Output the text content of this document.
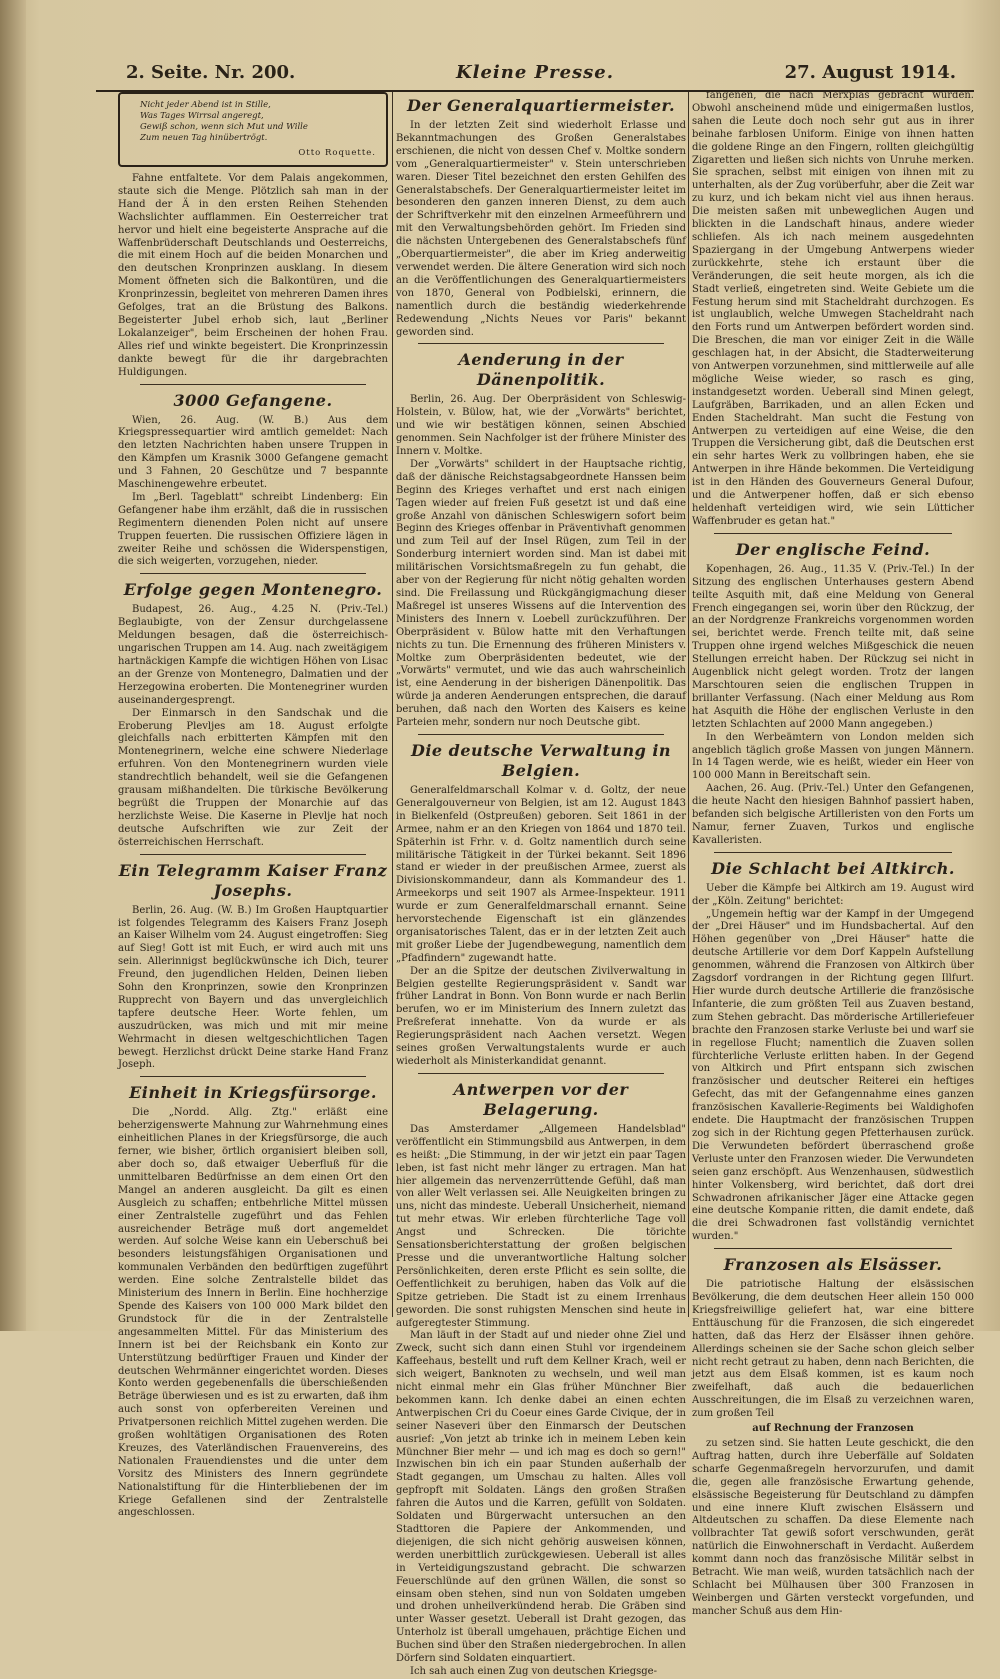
2. Seite. Nr. 200.	Kleine Presse.	27. August 1914.
Nicht jeder Abend ist in Stille,
Was Tages Wirrsal angeregt,
Gewiß schon, wenn sich Mut und Wille
Zum neuen Tag hinübertrögt.
Otto Roquette.

Fahne entfaltete. Vor dem Palais angekommen, staute sich die Menge. Plötzlich sah man in der Hand der Ä in den ersten Reihen Stehenden Wachslichter aufflammen. Ein Oesterreicher trat hervor und hielt eine begeisterte Ansprache auf die Waffenbrüderschaft Deutschlands und Oesterreichs, die mit einem Hoch auf die beiden Monarchen und den deutschen Kronprinzen ausklang. In diesem Moment öffneten sich die Balkontüren, und die Kronprinzessin, begleitet von mehreren Damen ihres Gefolges, trat an die Brüstung des Balkons. Begeisterter Jubel erhob sich, laut „Berliner Lokalanzeiger", beim Erscheinen der hohen Frau. Alles rief und winkte begeistert. Die Kronprinzessin dankte bewegt für die ihr dargebrachten Huldigungen.

3000 Gefangene.

Wien, 26. Aug. (W. B.) Aus dem Kriegspressequartier wird amtlich gemeldet: Nach den letzten Nachrichten haben unsere Truppen in den Kämpfen um Krasnik 3000 Gefangene gemacht und 3 Fahnen, 20 Geschütze und 7 bespannte Maschinengewehre erbeutet.

Im „Berl. Tageblatt" schreibt Lindenberg: Ein Gefangener habe ihm erzählt, daß die in russischen Regimentern dienenden Polen nicht auf unsere Truppen feuerten. Die russischen Offiziere lägen in zweiter Reihe und schössen die Widerspenstigen, die sich weigerten, vorzugehen, nieder.

Erfolge gegen Montenegro.

Budapest, 26. Aug., 4.25 N. (Priv.-Tel.) Beglaubigte, von der Zensur durchgelassene Meldungen besagen, daß die österreichisch-ungarischen Truppen am 14. Aug. nach zweitägigem hartnäckigen Kampfe die wichtigen Höhen von Lisac an der Grenze von Montenegro, Dalmatien und der Herzegowina eroberten. Die Montenegriner wurden auseinandergesprengt.

Der Einmarsch in den Sandschak und die Eroberung Plevljes am 18. August erfolgte gleichfalls nach erbitterten Kämpfen mit den Montenegrinern, welche eine schwere Niederlage erfuhren. Von den Montenegrinern wurden viele standrechtlich behandelt, weil sie die Gefangenen grausam mißhandelten. Die türkische Bevölkerung begrüßt die Truppen der Monarchie auf das herzlichste Weise. Die Kaserne in Plevlje hat noch deutsche Aufschriften wie zur Zeit der österreichischen Herrschaft.

Ein Telegramm Kaiser Franz Josephs.

Berlin, 26. Aug. (W. B.) Im Großen Hauptquartier ist folgendes Telegramm des Kaisers Franz Joseph an Kaiser Wilhelm vom 24. August eingetroffen: Sieg auf Sieg! Gott ist mit Euch, er wird auch mit uns sein. Allerinnigst beglückwünsche ich Dich, teurer Freund, den jugendlichen Helden, Deinen lieben Sohn den Kronprinzen, sowie den Kronprinzen Rupprecht von Bayern und das unvergleichlich tapfere deutsche Heer. Worte fehlen, um auszudrücken, was mich und mit mir meine Wehrmacht in diesen weltgeschichtlichen Tagen bewegt. Herzlichst drückt Deine starke Hand Franz Joseph.

Einheit in Kriegsfürsorge.

Die „Nordd. Allg. Ztg." erläßt eine beherzigenswerte Mahnung zur Wahrnehmung eines einheitlichen Planes in der Kriegsfürsorge, die auch ferner, wie bisher, örtlich organisiert bleiben soll, aber doch so, daß etwaiger Ueberfluß für die unmittelbaren Bedürfnisse an dem einen Ort den Mangel an anderen ausgleicht. Da gilt es einen Ausgleich zu schaffen; entbehrliche Mittel müssen einer Zentralstelle zugeführt und das Fehlen ausreichender Beträge muß dort angemeldet werden. Auf solche Weise kann ein Ueberschuß bei besonders leistungsfähigen Organisationen und kommunalen Verbänden den bedürftigen zugeführt werden. Eine solche Zentralstelle bildet das Ministerium des Innern in Berlin. Eine hochherzige Spende des Kaisers von 100 000 Mark bildet den Grundstock für die in der Zentralstelle angesammelten Mittel. Für das Ministerium des Innern ist bei der Reichsbank ein Konto zur Unterstützung bedürftiger Frauen und Kinder der deutschen Wehrmänner eingerichtet worden. Dieses Konto werden gegebenenfalls die überschießenden Beträge überwiesen und es ist zu erwarten, daß ihm auch sonst von opferbereiten Vereinen und Privatpersonen reichlich Mittel zugehen werden. Die großen wohltätigen Organisationen des Roten Kreuzes, des Vaterländischen Frauenvereins, des Nationalen Frauendienstes und die unter dem Vorsitz des Ministers des Innern gegründete Nationalstiftung für die Hinterbliebenen der im Kriege Gefallenen sind der Zentralstelle angeschlossen.

Der Generalquartiermeister.

In der letzten Zeit sind wiederholt Erlasse und Bekanntmachungen des Großen Generalstabes erschienen, die nicht von dessen Chef v. Moltke sondern vom „Generalquartiermeister" v. Stein unterschrieben waren. Dieser Titel bezeichnet den ersten Gehilfen des Generalstabschefs. Der Generalquartiermeister leitet im besonderen den ganzen inneren Dienst, zu dem auch der Schriftverkehr mit den einzelnen Armeeführern und mit den Verwaltungsbehörden gehört. Im Frieden sind die nächsten Untergebenen des Generalstabschefs fünf „Oberquartiermeister", die aber im Krieg anderweitig verwendet werden. Die ältere Generation wird sich noch an die Veröffentlichungen des Generalquartiermeisters von 1870, General von Podbielski, erinnern, die namentlich durch die beständig wiederkehrende Redewendung „Nichts Neues vor Paris" bekannt geworden sind.

Aenderung in der Dänenpolitik.

Berlin, 26. Aug. Der Oberpräsident von Schleswig-Holstein, v. Bülow, hat, wie der „Vorwärts" berichtet, und wie wir bestätigen können, seinen Abschied genommen. Sein Nachfolger ist der frühere Minister des Innern v. Moltke.

Der „Vorwärts" schildert in der Hauptsache richtig, daß der dänische Reichstagsabgeordnete Hanssen beim Beginn des Krieges verhaftet und erst nach einigen Tagen wieder auf freien Fuß gesetzt ist und daß eine große Anzahl von dänischen Schleswigern sofort beim Beginn des Krieges offenbar in Präventivhaft genommen und zum Teil auf der Insel Rügen, zum Teil in der Sonderburg interniert worden sind. Man ist dabei mit militärischen Vorsichtsmaßregeln zu fun gehabt, die aber von der Regierung für nicht nötig gehalten worden sind. Die Freilassung und Rückgängigmachung dieser Maßregel ist unseres Wissens auf die Intervention des Ministers des Innern v. Loebell zurückzuführen. Der Oberpräsident v. Bülow hatte mit den Verhaftungen nichts zu tun. Die Ernennung des früheren Ministers v. Moltke zum Oberpräsidenten bedeutet, wie der „Vorwärts" vermutet, und wie das auch wahrscheinlich ist, eine Aenderung in der bisherigen Dänenpolitik. Das würde ja anderen Aenderungen entsprechen, die darauf beruhen, daß nach den Worten des Kaisers es keine Parteien mehr, sondern nur noch Deutsche gibt.

Die deutsche Verwaltung in Belgien.

Generalfeldmarschall Kolmar v. d. Goltz, der neue Generalgouverneur von Belgien, ist am 12. August 1843 in Bielkenfeld (Ostpreußen) geboren. Seit 1861 in der Armee, nahm er an den Kriegen von 1864 und 1870 teil. Späterhin ist Frhr. v. d. Goltz namentlich durch seine militärische Tätigkeit in der Türkei bekannt. Seit 1896 stand er wieder in der preußischen Armee, zuerst als Divisionskommandeur, dann als Kommandeur des 1. Armeekorps und seit 1907 als Armee-Inspekteur. 1911 wurde er zum Generalfeldmarschall ernannt. Seine hervorstechende Eigenschaft ist ein glänzendes organisatorisches Talent, das er in der letzten Zeit auch mit großer Liebe der Jugendbewegung, namentlich dem „Pfadfindern" zugewandt hatte.

Der an die Spitze der deutschen Zivilverwaltung in Belgien gestellte Regierungspräsident v. Sandt war früher Landrat in Bonn. Von Bonn wurde er nach Berlin berufen, wo er im Ministerium des Innern zuletzt das Preßreferat innehatte. Von da wurde er als Regierungspräsident nach Aachen versetzt. Wegen seines großen Verwaltungstalents wurde er auch wiederholt als Ministerkandidat genannt.

Antwerpen vor der Belagerung.

Das Amsterdamer „Allgemeen Handelsblad" veröffentlicht ein Stimmungsbild aus Antwerpen, in dem es heißt: „Die Stimmung, in der wir jetzt ein paar Tagen leben, ist fast nicht mehr länger zu ertragen. Man hat hier allgemein das nervenzerrüttende Gefühl, daß man von aller Welt verlassen sei. Alle Neuigkeiten bringen zu uns, nicht das mindeste. Ueberall Unsicherheit, niemand tut mehr etwas. Wir erleben fürchterliche Tage voll Angst und Schrecken. Die törichte Sensationsberichterstattung der großen belgischen Presse und die unverantwortliche Haltung solcher Persönlichkeiten, deren erste Pflicht es sein sollte, die Oeffentlichkeit zu beruhigen, haben das Volk auf die Spitze getrieben. Die Stadt ist zu einem Irrenhaus geworden. Die sonst ruhigsten Menschen sind heute in aufgeregtester Stimmung.

Man läuft in der Stadt auf und nieder ohne Ziel und Zweck, sucht sich dann einen Stuhl vor irgendeinem Kaffeehaus, bestellt und ruft dem Kellner Krach, weil er sich weigert, Banknoten zu wechseln, und weil man nicht einmal mehr ein Glas früher Münchner Bier bekommen kann. Ich denke dabei an einen echten Antwerpischen Cri du Coeur eines Garde Civique, der in seiner Naseveri über den Einmarsch der Deutschen ausrief: „Von jetzt ab trinke ich in meinem Leben kein Münchner Bier mehr — und ich mag es doch so gern!" Inzwischen bin ich ein paar Stunden außerhalb der Stadt gegangen, um Umschau zu halten. Alles voll gepfropft mit Soldaten. Längs den großen Straßen fahren die Autos und die Karren, gefüllt von Soldaten. Soldaten und Bürgerwacht untersuchen an den Stadttoren die Papiere der Ankommenden, und diejenigen, die sich nicht gehörig ausweisen können, werden unerbittlich zurückgewiesen. Ueberall ist alles in Verteidigungszustand gebracht. Die schwarzen Feuerschlünde auf den grünen Wällen, die sonst so einsam oben stehen, sind nun von Soldaten umgeben und drohen unheilverkündend herab. Die Gräben sind unter Wasser gesetzt. Ueberall ist Draht gezogen, das Unterholz ist überall umgehauen, prächtige Eichen und Buchen sind über den Straßen niedergebrochen. In allen Dörfern sind Soldaten einquartiert.

Ich sah auch einen Zug von deutschen Kriegsge-

fangenen, die nach Merxplas gebracht wurden. Obwohl anscheinend müde und einigermaßen lustlos, sahen die Leute doch noch sehr gut aus in ihrer beinahe farblosen Uniform. Einige von ihnen hatten die goldene Ringe an den Fingern, rollten gleichgültig Zigaretten und ließen sich nichts von Unruhe merken. Sie sprachen, selbst mit einigen von ihnen mit zu unterhalten, als der Zug vorüberfuhr, aber die Zeit war zu kurz, und ich bekam nicht viel aus ihnen heraus. Die meisten saßen mit unbeweglichen Augen und blickten in die Landschaft hinaus, andere wieder schliefen. Als ich nach meinem ausgedehnten Spaziergang in der Umgebung Antwerpens wieder zurückkehrte, stehe ich erstaunt über die Veränderungen, die seit heute morgen, als ich die Stadt verließ, eingetreten sind. Weite Gebiete um die Festung herum sind mit Stacheldraht durchzogen. Es ist unglaublich, welche Umwegen Stacheldraht nach den Forts rund um Antwerpen befördert worden sind. Die Breschen, die man vor einiger Zeit in die Wälle geschlagen hat, in der Absicht, die Stadterweiterung von Antwerpen vorzunehmen, sind mittlerweile auf alle mögliche Weise wieder, so rasch es ging, instandgesetzt worden. Ueberall sind Minen gelegt, Laufgräben, Barrikaden, und an allen Ecken und Enden Stacheldraht. Man sucht die Festung von Antwerpen zu verteidigen auf eine Weise, die den Truppen die Versicherung gibt, daß die Deutschen erst ein sehr hartes Werk zu vollbringen haben, ehe sie Antwerpen in ihre Hände bekommen. Die Verteidigung ist in den Händen des Gouverneurs General Dufour, und die Antwerpener hoffen, daß er sich ebenso heldenhaft verteidigen wird, wie sein Lütticher Waffenbruder es getan hat."

Der englische Feind.

Kopenhagen, 26. Aug., 11.35 V. (Priv.-Tel.) In der Sitzung des englischen Unterhauses gestern Abend teilte Asquith mit, daß eine Meldung von General French eingegangen sei, worin über den Rückzug, der an der Nordgrenze Frankreichs vorgenommen worden sei, berichtet werde. French teilte mit, daß seine Truppen ohne irgend welches Mißgeschick die neuen Stellungen erreicht haben. Der Rückzug sei nicht in Augenblick nicht gelegt worden. Trotz der langen Marschtouren seien die englischen Truppen in brillanter Verfassung. (Nach einer Meldung aus Rom hat Asquith die Höhe der englischen Verluste in den letzten Schlachten auf 2000 Mann angegeben.)

In den Werbeämtern von London melden sich angeblich täglich große Massen von jungen Männern. In 14 Tagen werde, wie es heißt, wieder ein Heer von 100 000 Mann in Bereitschaft sein.

Aachen, 26. Aug. (Priv.-Tel.) Unter den Gefangenen, die heute Nacht den hiesigen Bahnhof passiert haben, befanden sich belgische Artilleristen von den Forts um Namur, ferner Zuaven, Turkos und englische Kavalleristen.

Die Schlacht bei Altkirch.

Ueber die Kämpfe bei Altkirch am 19. August wird der „Köln. Zeitung" berichtet:

„Ungemein heftig war der Kampf in der Umgegend der „Drei Häuser" und im Hundsbachertal. Auf den Höhen gegenüber von „Drei Häuser" hatte die deutsche Artillerie vor dem Dorf Kappeln Aufstellung genommen, während die Franzosen von Altkirch über Zagsdorf vordrangen in der Richtung gegen Illfurt. Hier wurde durch deutsche Artillerie die französische Infanterie, die zum größten Teil aus Zuaven bestand, zum Stehen gebracht. Das mörderische Artilleriefeuer brachte den Franzosen starke Verluste bei und warf sie in regellose Flucht; namentlich die Zuaven sollen fürchterliche Verluste erlitten haben. In der Gegend von Altkirch und Pfirt entspann sich zwischen französischer und deutscher Reiterei ein heftiges Gefecht, das mit der Gefangennahme eines ganzen französischen Kavallerie-Regiments bei Waldighofen endete. Die Hauptmacht der französischen Truppen zog sich in der Richtung gegen Pfetterhausen zurück. Die Verwundeten befördert überraschend große Verluste unter den Franzosen wieder. Die Verwundeten seien ganz erschöpft. Aus Wenzenhausen, südwestlich hinter Volkensberg, wird berichtet, daß dort drei Schwadronen afrikanischer Jäger eine Attacke gegen eine deutsche Kompanie ritten, die damit endete, daß die drei Schwadronen fast vollständig vernichtet wurden."

Franzosen als Elsässer.

Die patriotische Haltung der elsässischen Bevölkerung, die dem deutschen Heer allein 150 000 Kriegsfreiwillige geliefert hat, war eine bittere Enttäuschung für die Franzosen, die sich eingeredet hatten, daß das Herz der Elsässer ihnen gehöre. Allerdings scheinen sie der Sache schon gleich selber nicht recht getraut zu haben, denn nach Berichten, die jetzt aus dem Elsaß kommen, ist es kaum noch zweifelhaft, daß auch die bedauerlichen Ausschreitungen, die im Elsaß zu verzeichnen waren, zum großen Teil

auf Rechnung der Franzosen

zu setzen sind. Sie hatten Leute geschickt, die den Auftrag hatten, durch ihre Ueberfälle auf Soldaten scharfe Gegenmaßregeln hervorzurufen, und damit die, gegen alle französische Erwartung gehende, elsässische Begeisterung für Deutschland zu dämpfen und eine innere Kluft zwischen Elsässern und Altdeutschen zu schaffen. Da diese Elemente nach vollbrachter Tat gewiß sofort verschwunden, gerät natürlich die Einwohnerschaft in Verdacht. Außerdem kommt dann noch das französische Militär selbst in Betracht. Wie man weiß, wurden tatsächlich nach der Schlacht bei Mülhausen über 300 Franzosen in Weinbergen und Gärten versteckt vorgefunden, und mancher Schuß aus dem Hin-
